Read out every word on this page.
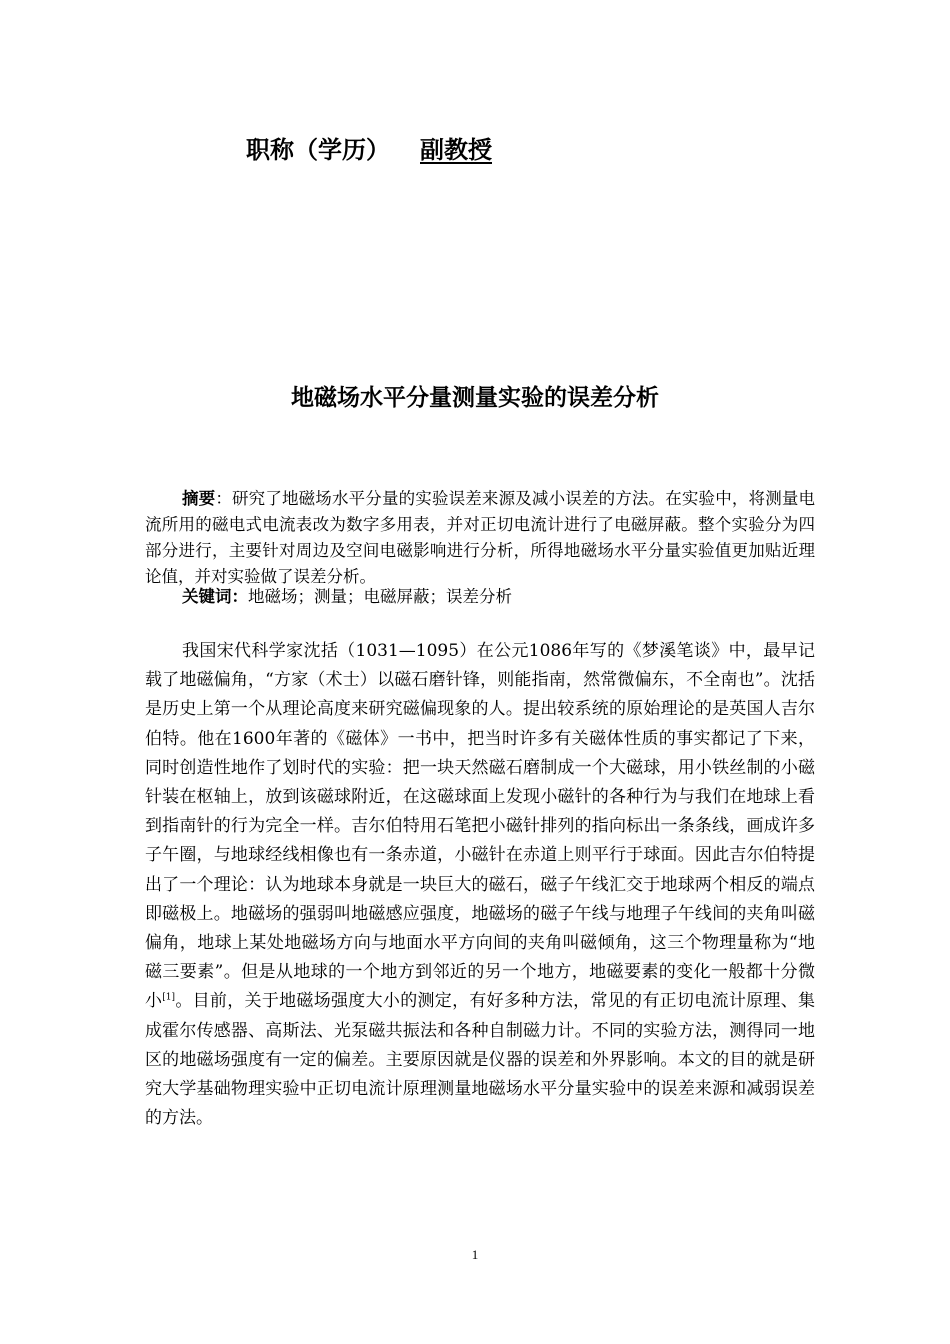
职称（学历） 副教授
地磁场水平分量测量实验的误差分析

摘要：研究了地磁场水平分量的实验误差来源及减小误差的方法。在实验中，将测量电流所用的磁电式电流表改为数字多用表，并对正切电流计进行了电磁屏蔽。整个实验分为四部分进行，主要针对周边及空间电磁影响进行分析，所得地磁场水平分量实验值更加贴近理论值，并对实验做了误差分析。

关键词：地磁场；测量；电磁屏蔽；误差分析

我国宋代科学家沈括（1031—1095）在公元1086年写的《梦溪笔谈》中，最早记载了地磁偏角，“方家（术士）以磁石磨针锋，则能指南，然常微偏东，不全南也”。沈括是历史上第一个从理论高度来研究磁偏现象的人。提出较系统的原始理论的是英国人吉尔伯特。他在1600年著的《磁体》一书中，把当时许多有关磁体性质的事实都记了下来，同时创造性地作了划时代的实验：把一块天然磁石磨制成一个大磁球，用小铁丝制的小磁针装在枢轴上，放到该磁球附近，在这磁球面上发现小磁针的各种行为与我们在地球上看到指南针的行为完全一样。吉尔伯特用石笔把小磁针排列的指向标出一条条线，画成许多子午圈，与地球经线相像也有一条赤道，小磁针在赤道上则平行于球面。因此吉尔伯特提出了一个理论：认为地球本身就是一块巨大的磁石，磁子午线汇交于地球两个相反的端点即磁极上。地磁场的强弱叫地磁感应强度，地磁场的磁子午线与地理子午线间的夹角叫磁偏角，地球上某处地磁场方向与地面水平方向间的夹角叫磁倾角，这三个物理量称为“地磁三要素”。但是从地球的一个地方到邻近的另一个地方，地磁要素的变化一般都十分微小[1]。目前，关于地磁场强度大小的测定，有好多种方法，常见的有正切电流计原理、集成霍尔传感器、高斯法、光泵磁共振法和各种自制磁力计。不同的实验方法，测得同一地区的地磁场强度有一定的偏差。主要原因就是仪器的误差和外界影响。本文的目的就是研究大学基础物理实验中正切电流计原理测量地磁场水平分量实验中的误差来源和减弱误差的方法。

1
